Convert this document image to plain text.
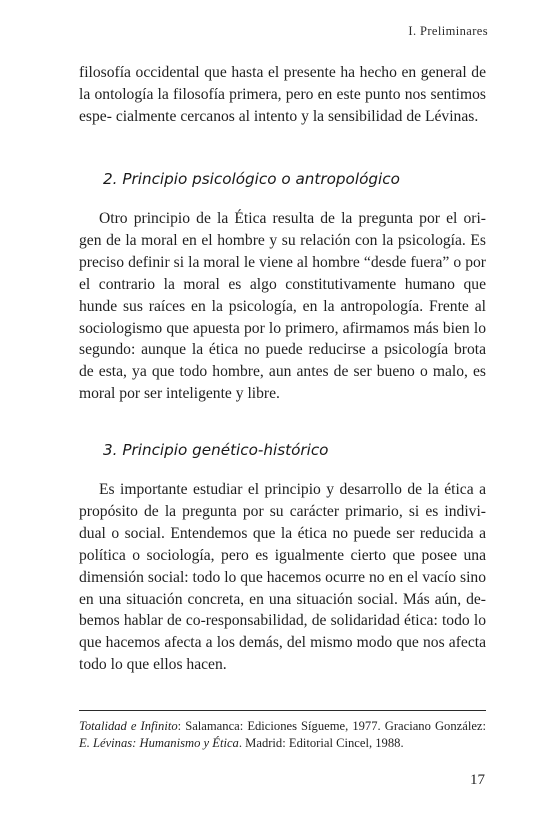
I. Preliminares

filosofía occidental que hasta el presente ha hecho en general de la ontología la filosofía primera, pero en este punto nos sentimos espe- cialmente cercanos al intento y la sensibilidad de Lévinas.

2. Principio psicológico o antropológico

Otro principio de la Ética resulta de la pregunta por el ori- gen de la moral en el hombre y su relación con la psicología. Es preciso definir si la moral le viene al hombre “desde fuera” o por el contrario la moral es algo constitutivamente humano que hunde sus raíces en la psicología, en la antropología. Frente al sociologismo que apuesta por lo primero, afirmamos más bien lo segundo: aunque la ética no puede reducirse a psicología brota de esta, ya que todo hombre, aun antes de ser bueno o malo, es moral por ser inteligente y libre.

3. Principio genético-histórico

Es importante estudiar el principio y desarrollo de la ética a propósito de la pregunta por su carácter primario, si es indivi- dual o social. Entendemos que la ética no puede ser reducida a política o sociología, pero es igualmente cierto que posee una dimensión social: todo lo que hacemos ocurre no en el vacío sino en una situación concreta, en una situación social. Más aún, de- bemos hablar de co-responsabilidad, de solidaridad ética: todo lo que hacemos afecta a los demás, del mismo modo que nos afecta todo lo que ellos hacen.

Totalidad e Infinito: Salamanca: Ediciones Sígueme, 1977. Graciano González: E. Lévinas: Humanismo y Ética. Madrid: Editorial Cincel, 1988.

17
